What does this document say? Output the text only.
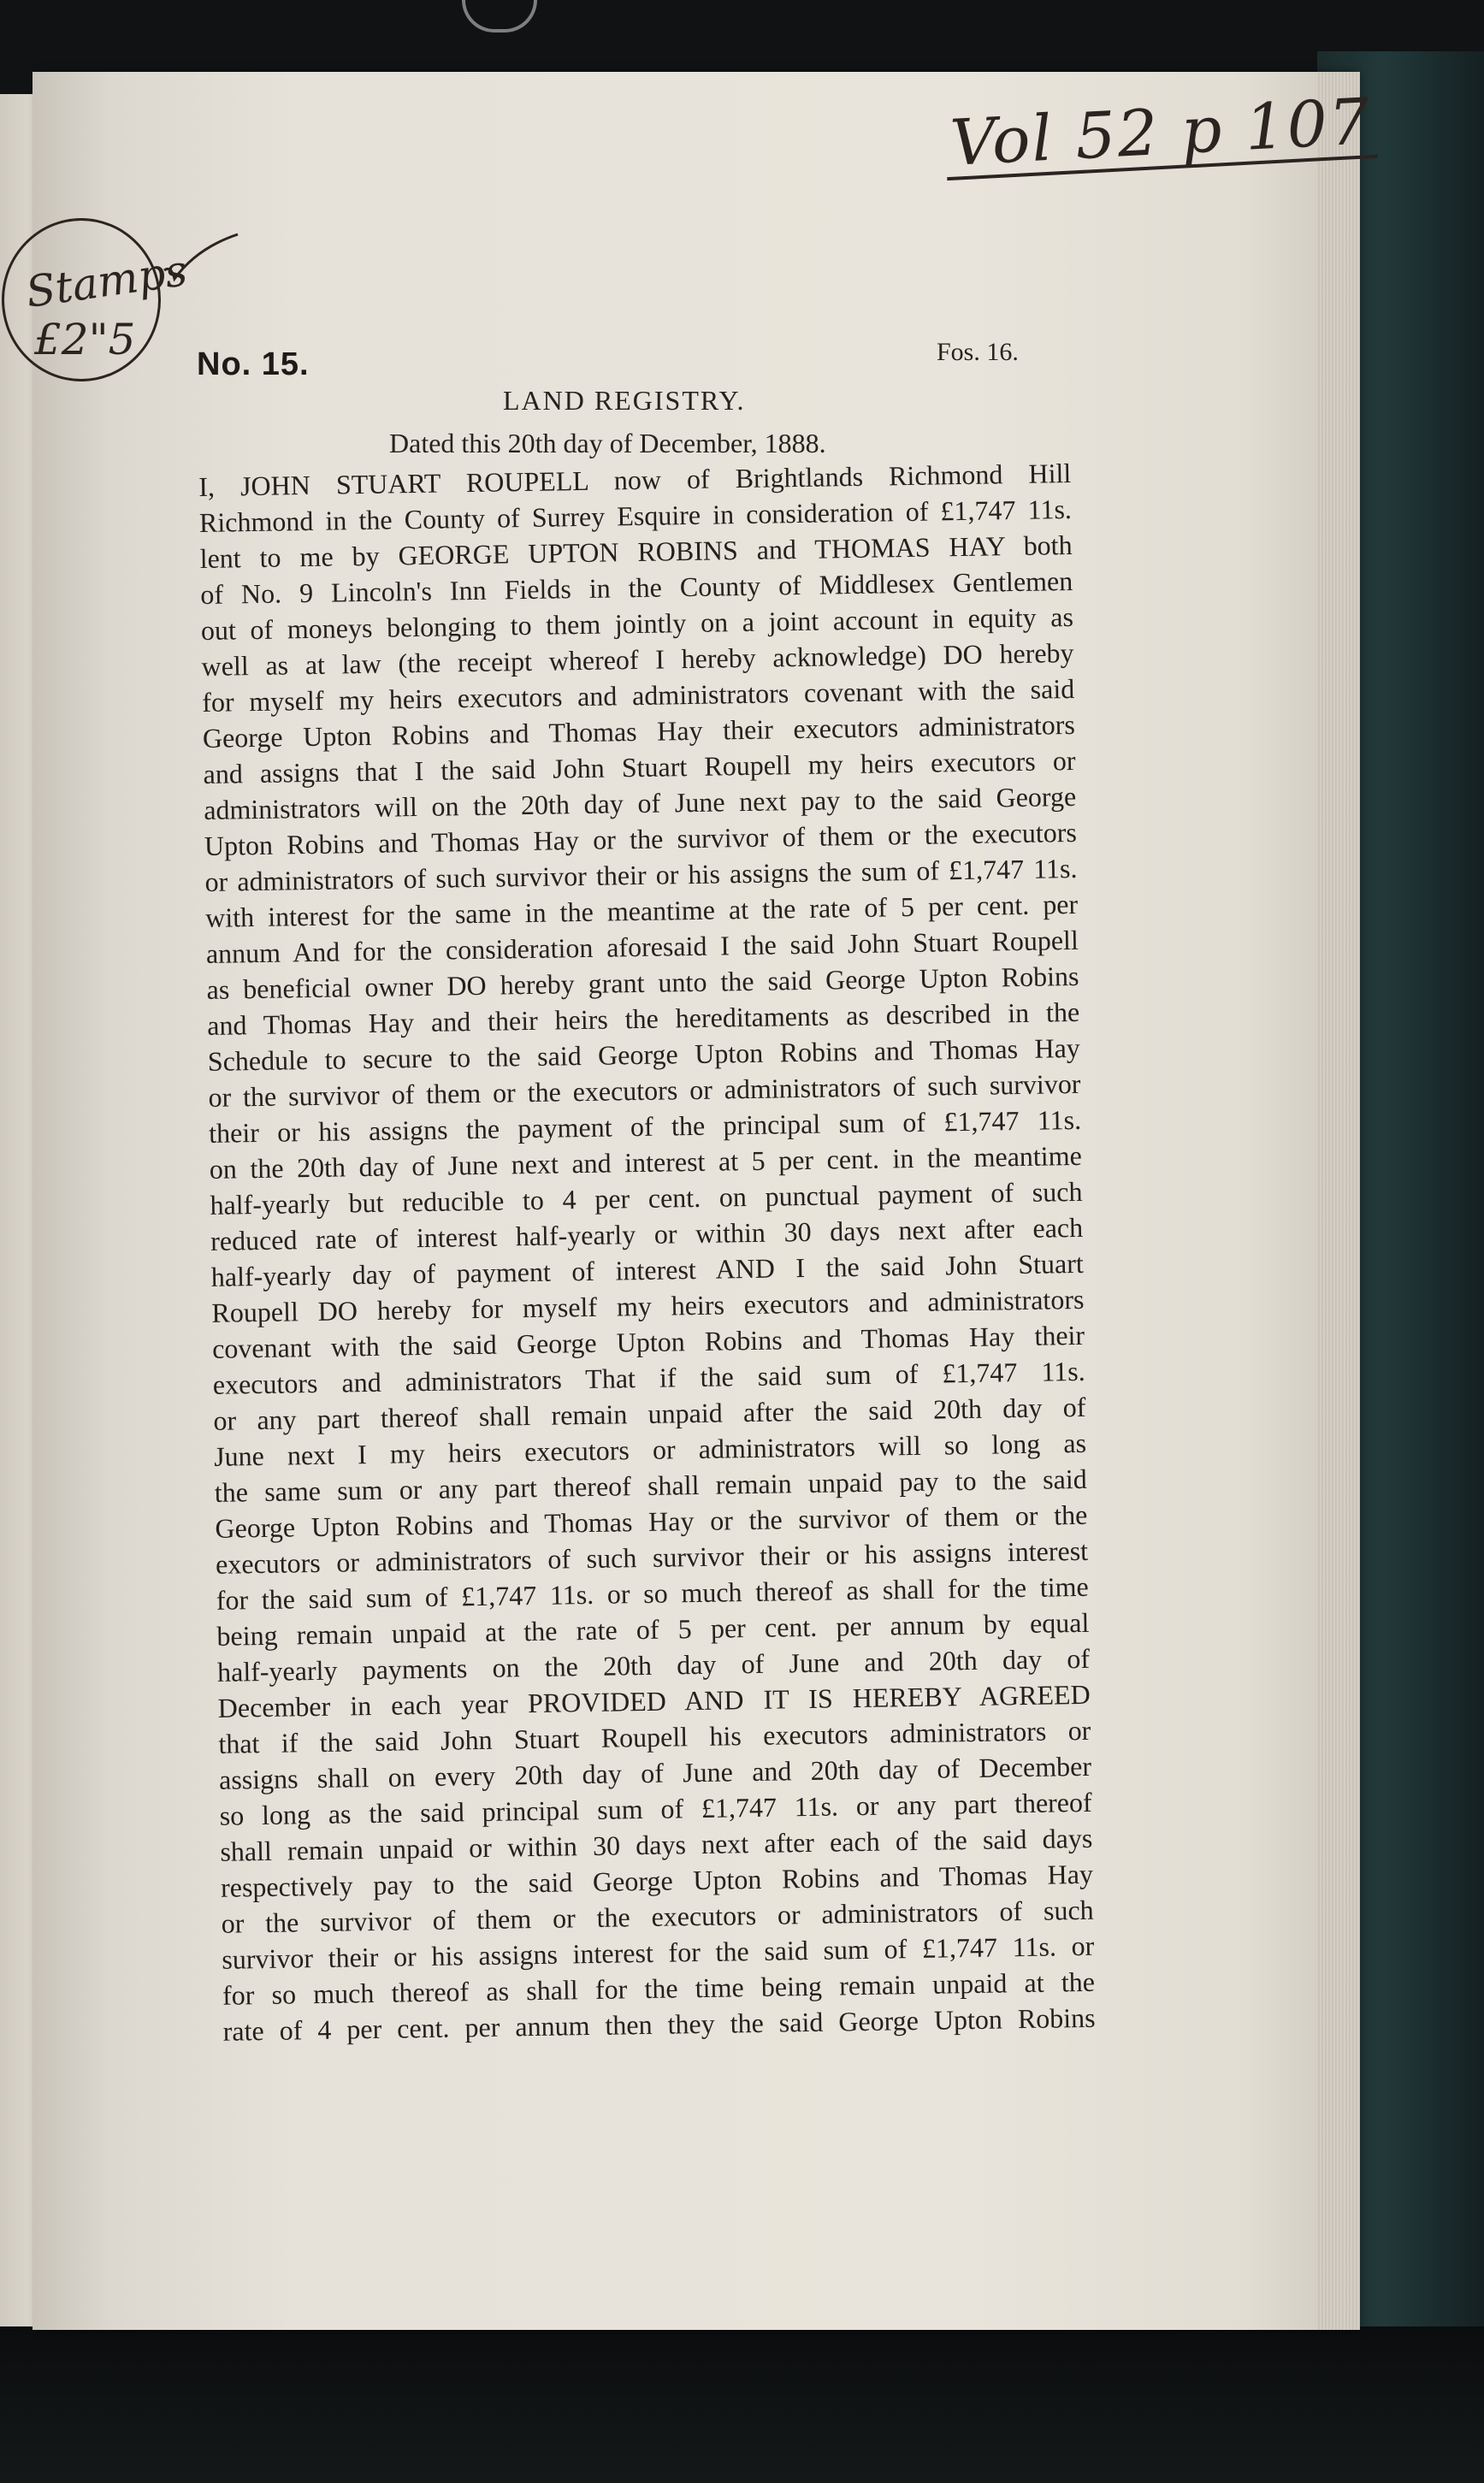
Vol 52 p 107
Stamps
£2"5 No. 15.	Fos. 16.
LAND REGISTRY.
Dated this 20th day of December, 1888.
I, JOHN STUART ROUPELL now of Brightlands Richmond Hill
Richmond in the County of Surrey Esquire in consideration of £1,747 11s.
lent to me by GEORGE UPTON ROBINS and THOMAS HAY both
of No. 9 Lincoln's Inn Fields in the County of Middlesex Gentlemen
out of moneys belonging to them jointly on a joint account in equity as
well as at law (the receipt whereof I hereby acknowledge) DO hereby
for myself my heirs executors and administrators covenant with the said
George Upton Robins and Thomas Hay their executors administrators
and assigns that I the said John Stuart Roupell my heirs executors or
administrators will on the 20th day of June next pay to the said George
Upton Robins and Thomas Hay or the survivor of them or the executors
or administrators of such survivor their or his assigns the sum of £1,747 11s.
with interest for the same in the meantime at the rate of 5 per cent. per
annum And for the consideration aforesaid I the said John Stuart Roupell
as beneficial owner DO hereby grant unto the said George Upton Robins
and Thomas Hay and their heirs the hereditaments as described in the
Schedule to secure to the said George Upton Robins and Thomas Hay
or the survivor of them or the executors or administrators of such survivor
their or his assigns the payment of the principal sum of £1,747 11s.
on the 20th day of June next and interest at 5 per cent. in the meantime
half-yearly but reducible to 4 per cent. on punctual payment of such
reduced rate of interest half-yearly or within 30 days next after each
half-yearly day of payment of interest AND I the said John Stuart
Roupell DO hereby for myself my heirs executors and administrators
covenant with the said George Upton Robins and Thomas Hay their
executors and administrators That if the said sum of £1,747 11s.
or any part thereof shall remain unpaid after the said 20th day of
June next I my heirs executors or administrators will so long as
the same sum or any part thereof shall remain unpaid pay to the said
George Upton Robins and Thomas Hay or the survivor of them or the
executors or administrators of such survivor their or his assigns interest
for the said sum of £1,747 11s. or so much thereof as shall for the time
being remain unpaid at the rate of 5 per cent. per annum by equal
half-yearly payments on the 20th day of June and 20th day of
December in each year PROVIDED AND IT IS HEREBY AGREED
that if the said John Stuart Roupell his executors administrators or
assigns shall on every 20th day of June and 20th day of December
so long as the said principal sum of £1,747 11s. or any part thereof
shall remain unpaid or within 30 days next after each of the said days
respectively pay to the said George Upton Robins and Thomas Hay
or the survivor of them or the executors or administrators of such
survivor their or his assigns interest for the said sum of £1,747 11s. or
for so much thereof as shall for the time being remain unpaid at the
rate of 4 per cent. per annum then they the said George Upton Robins
